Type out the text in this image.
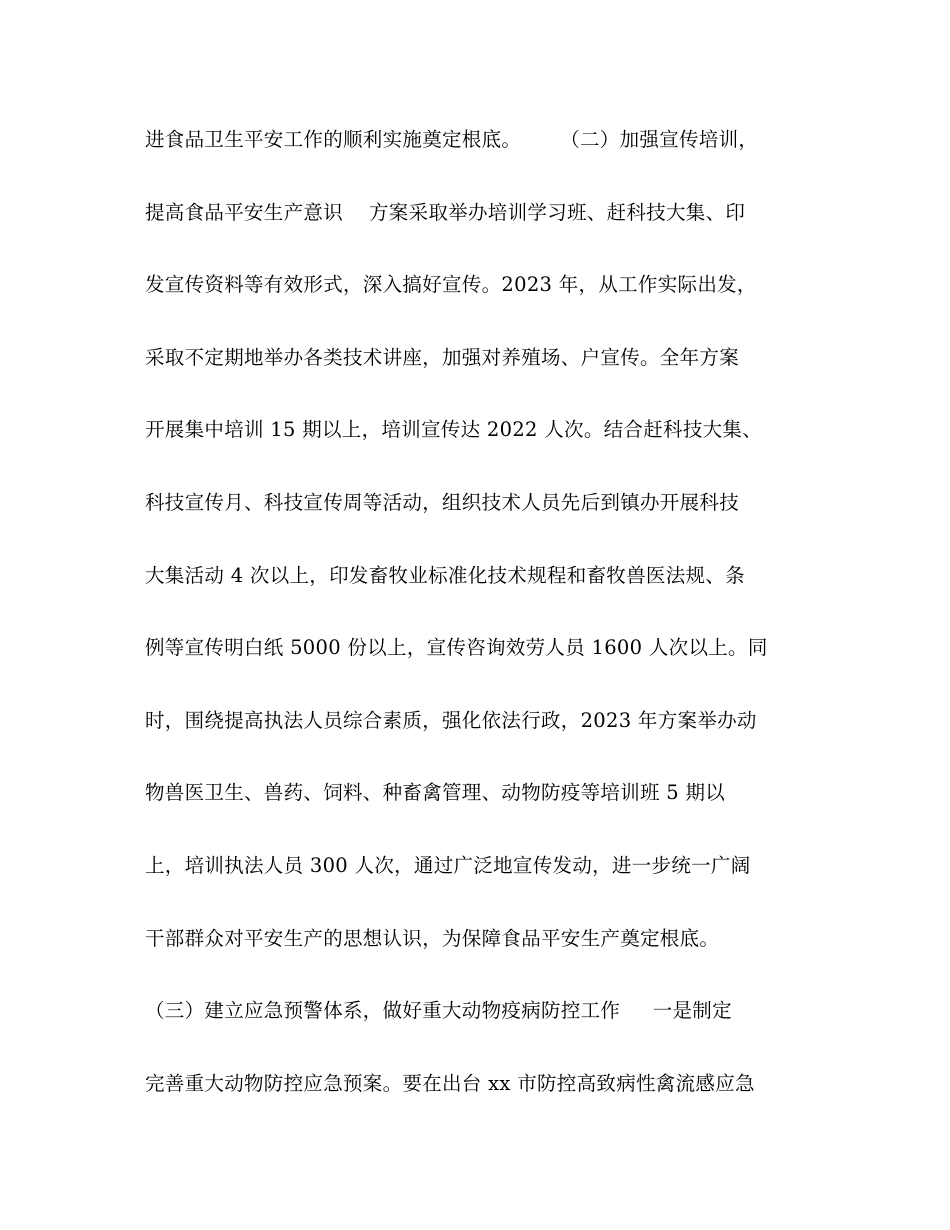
进食品卫生平安工作的顺利实施奠定根底。      （二）加强宣传培训，
提高食品平安生产意识    方案采取举办培训学习班、赶科技大集、印
发宣传资料等有效形式，深入搞好宣传。2023 年，从工作实际出发，
采取不定期地举办各类技术讲座，加强对养殖场、户宣传。全年方案
开展集中培训 15 期以上，培训宣传达 2022 人次。结合赶科技大集、
科技宣传月、科技宣传周等活动，组织技术人员先后到镇办开展科技
大集活动 4 次以上，印发畜牧业标准化技术规程和畜牧兽医法规、条
例等宣传明白纸 5000 份以上，宣传咨询效劳人员 1600 人次以上。同
时，围绕提高执法人员综合素质，强化依法行政，2023 年方案举办动
物兽医卫生、兽药、饲料、种畜禽管理、动物防疫等培训班 5 期以
上，培训执法人员 300 人次，通过广泛地宣传发动，进一步统一广阔
干部群众对平安生产的思想认识，为保障食品平安生产奠定根底。
（三）建立应急预警体系，做好重大动物疫病防控工作     一是制定
完善重大动物防控应急预案。要在出台 xx 市防控高致病性禽流感应急
